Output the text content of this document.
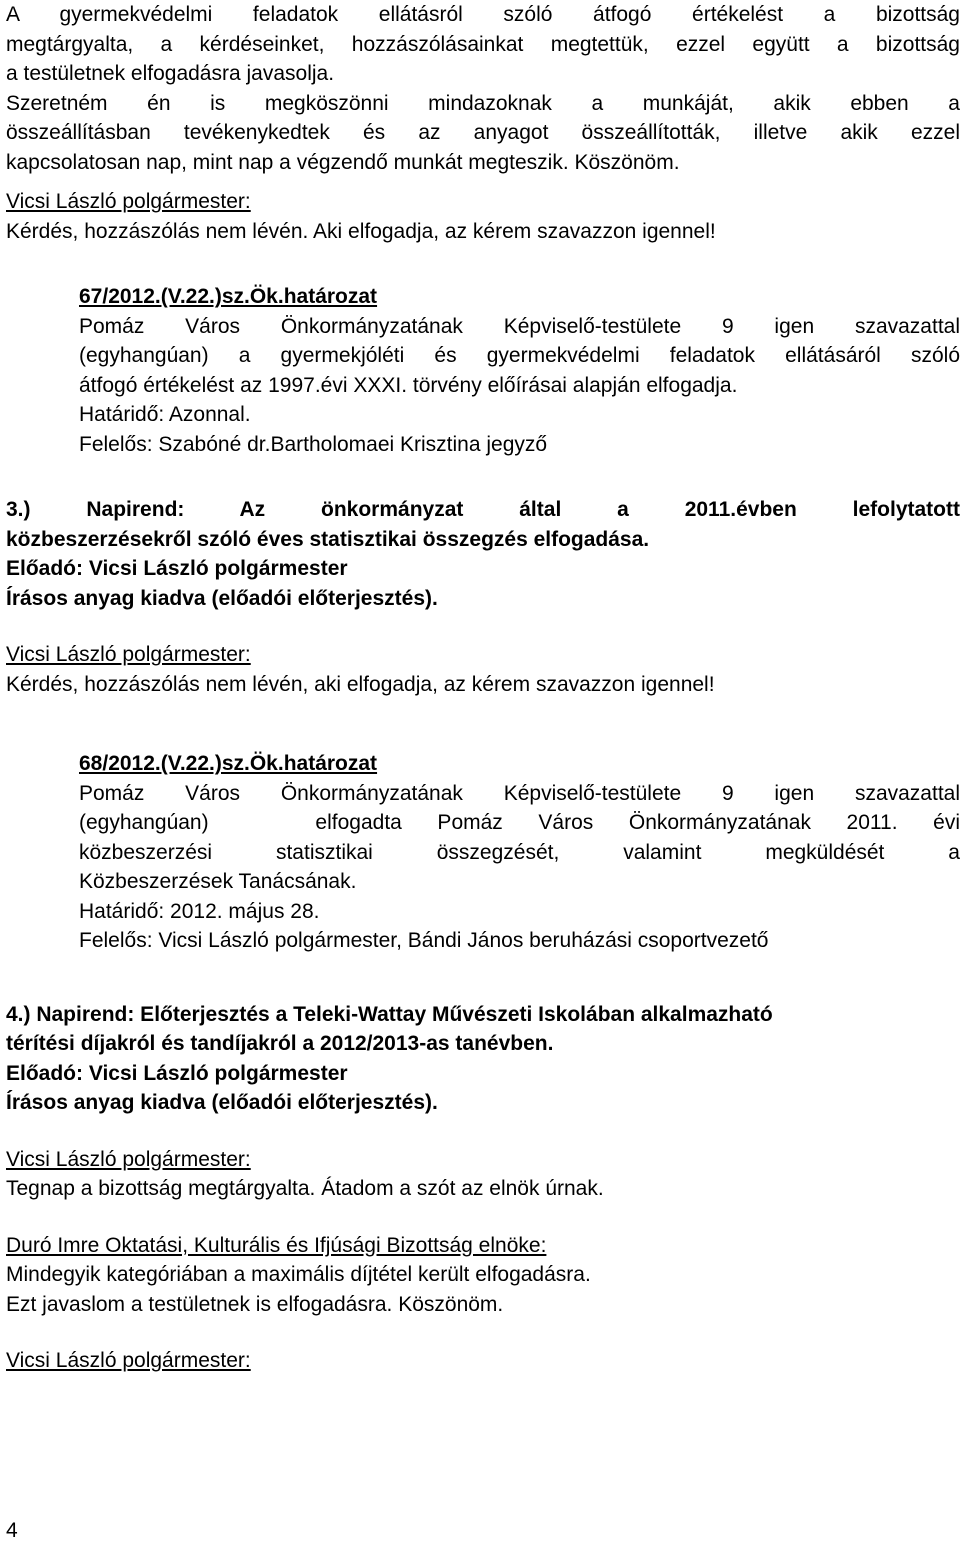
A gyermekvédelmi feladatok ellátásról szóló átfogó értékelést a bizottság

megtárgyalta, a kérdéseinket, hozzászólásainkat megtettük, ezzel együtt a bizottság

a testületnek elfogadásra javasolja.

Szeretném én is megköszönni mindazoknak a munkáját, akik ebben a

összeállításban tevékenykedtek és az anyagot összeállították, illetve akik ezzel

kapcsolatosan nap, mint nap a végzendő munkát megteszik. Köszönöm.

Vicsi László polgármester:

Kérdés, hozzászólás nem lévén. Aki elfogadja, az kérem szavazzon igennel!

67/2012.(V.22.)sz.Ök.határozat

Pomáz Város Önkormányzatának Képviselő-testülete 9 igen szavazattal

(egyhangúan) a gyermekjóléti és gyermekvédelmi feladatok ellátásáról szóló

átfogó értékelést az 1997.évi XXXI. törvény előírásai alapján elfogadja.

Határidő: Azonnal.

Felelős: Szabóné dr.Bartholomaei Krisztina jegyző

3.) Napirend: Az önkormányzat által a 2011.évben lefolytatott

közbeszerzésekről szóló éves statisztikai összegzés elfogadása.

Előadó: Vicsi László polgármester

Írásos anyag kiadva (előadói előterjesztés).

Vicsi László polgármester:

Kérdés, hozzászólás nem lévén, aki elfogadja, az kérem szavazzon igennel!

68/2012.(V.22.)sz.Ök.határozat

Pomáz Város Önkormányzatának Képviselő-testülete 9 igen szavazattal

(egyhangúan)   elfogadta Pomáz Város Önkormányzatának 2011. évi

közbeszerzési statisztikai összegzését, valamint megküldését a

Közbeszerzések Tanácsának.

Határidő: 2012. május 28.

Felelős: Vicsi László polgármester, Bándi János beruházási csoportvezető

4.) Napirend: Előterjesztés a Teleki-Wattay Művészeti Iskolában alkalmazható

térítési díjakról és tandíjakról a 2012/2013-as tanévben.

Előadó: Vicsi László polgármester

Írásos anyag kiadva (előadói előterjesztés).

Vicsi László polgármester:

Tegnap a bizottság megtárgyalta. Átadom a szót az elnök úrnak.

Duró Imre Oktatási, Kulturális és Ifjúsági Bizottság elnöke:

Mindegyik kategóriában a maximális díjtétel került elfogadásra.

Ezt javaslom a testületnek is elfogadásra. Köszönöm.

Vicsi László polgármester:

4
